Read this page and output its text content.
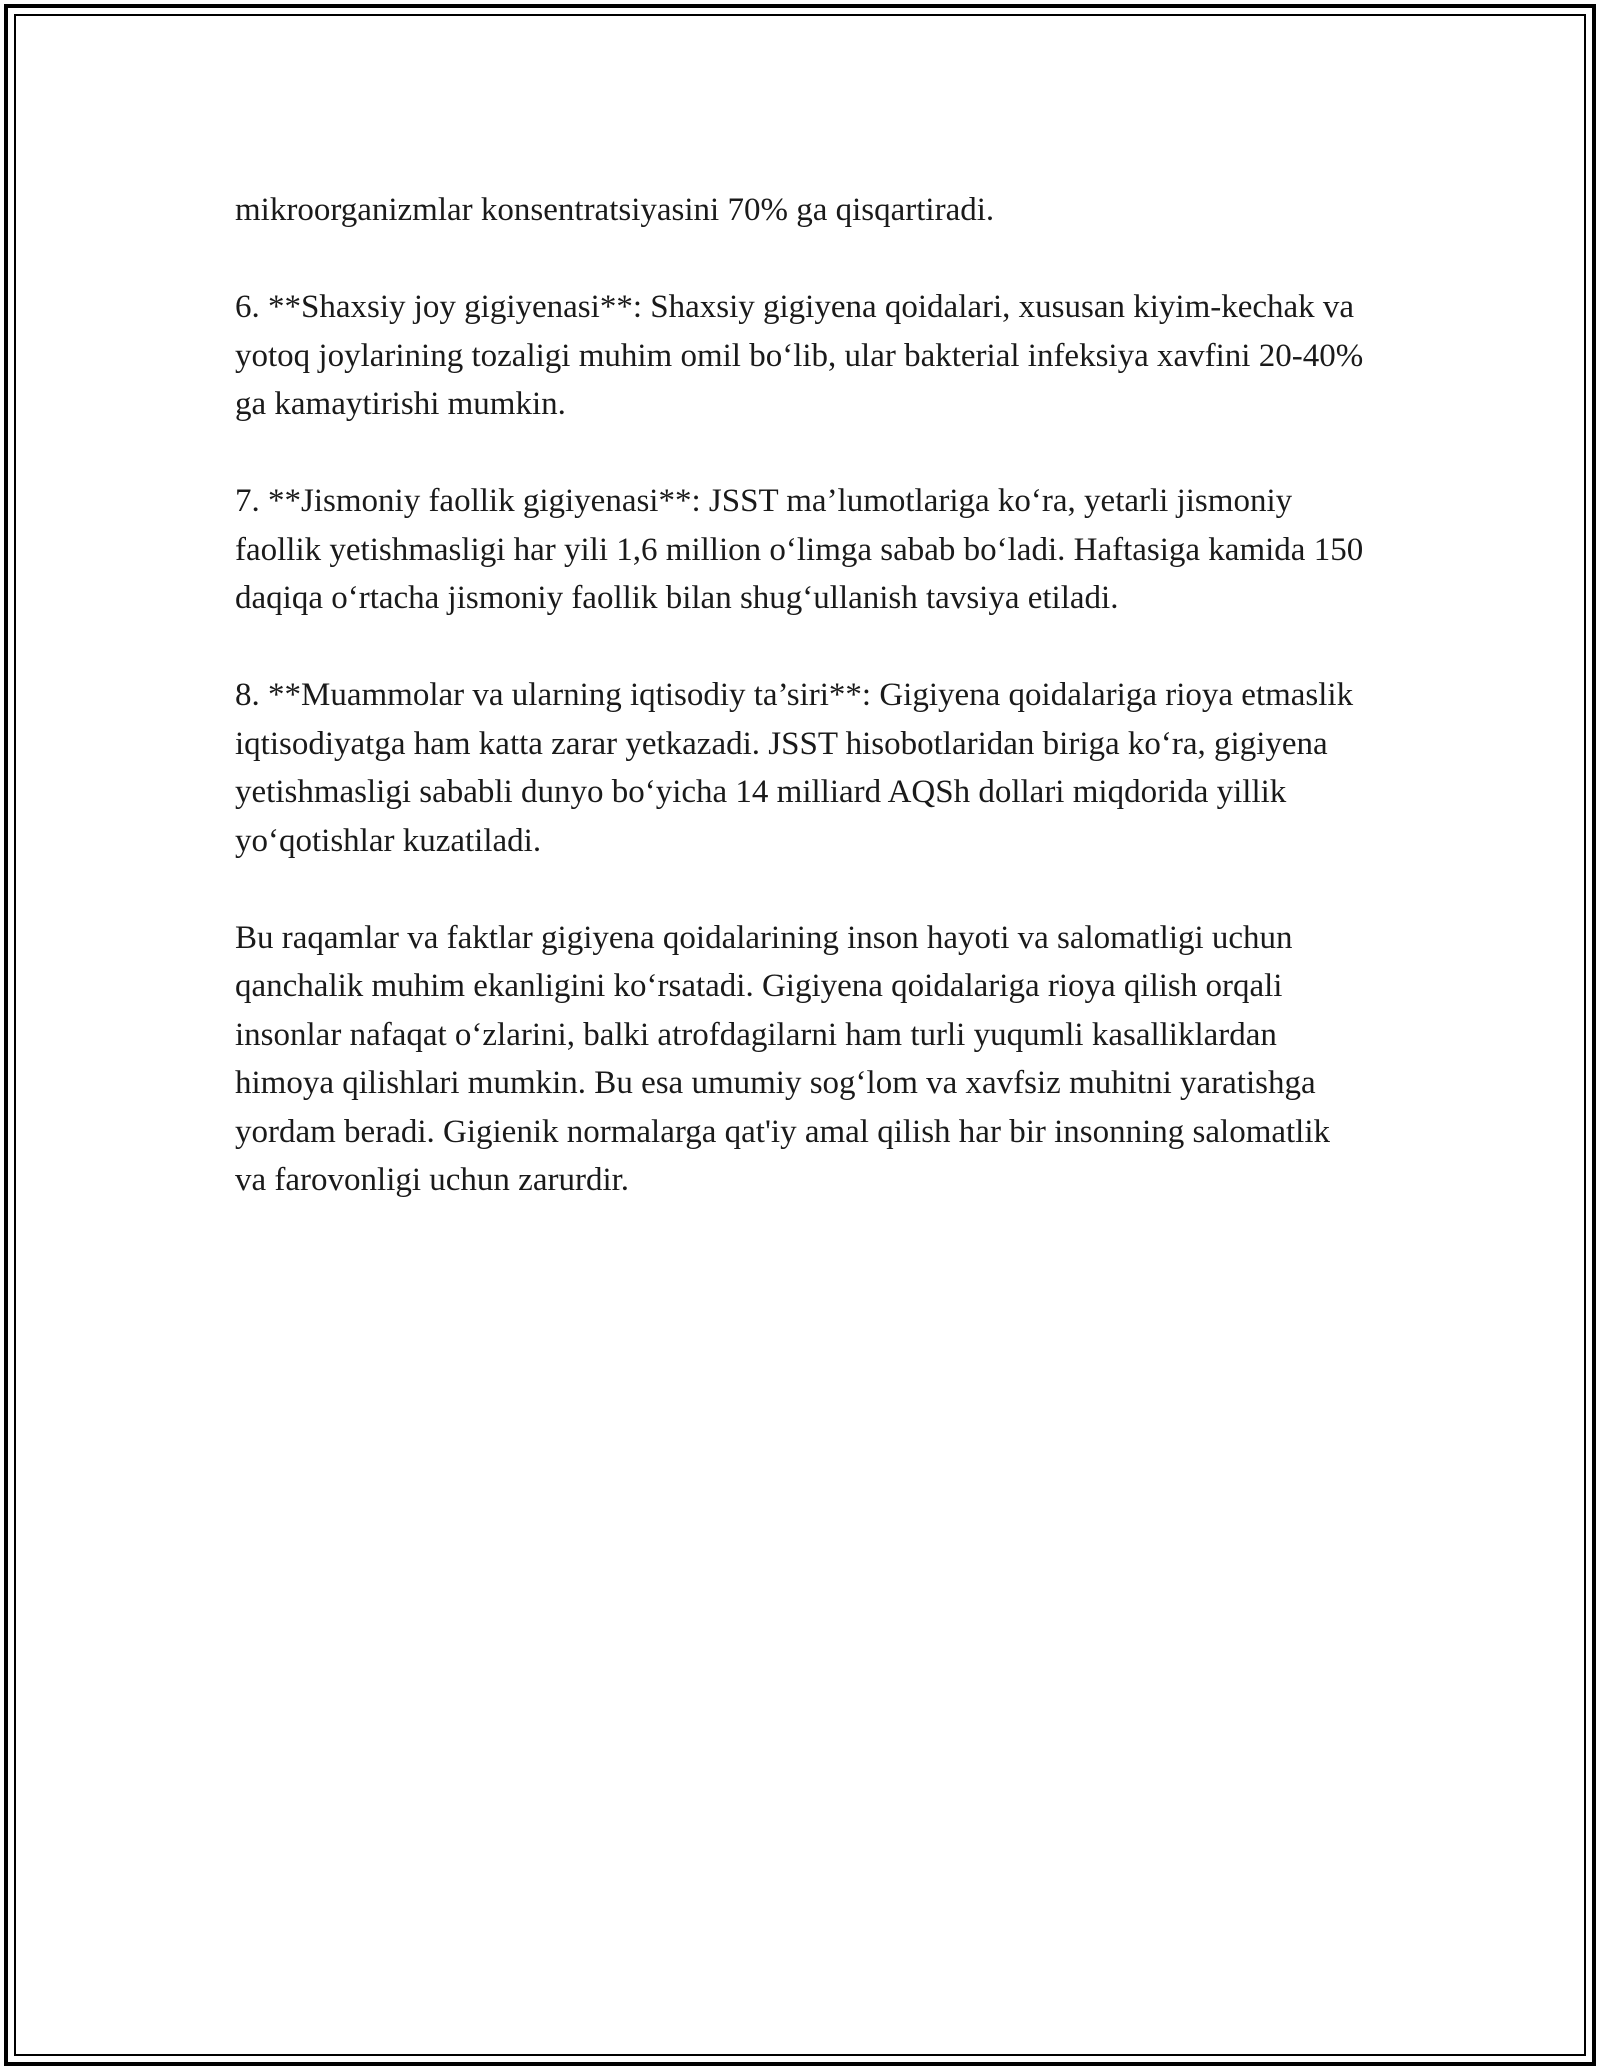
mikroorganizmlar konsentratsiyasini 70% ga qisqartiradi.

6. **Shaxsiy joy gigiyenasi**: Shaxsiy gigiyena qoidalari, xususan kiyim-kechak va yotoq joylarining tozaligi muhim omil bo‘lib, ular bakterial infeksiya xavfini 20-40% ga kamaytirishi mumkin.

7. **Jismoniy faollik gigiyenasi**: JSST ma’lumotlariga ko‘ra, yetarli jismoniy faollik yetishmasligi har yili 1,6 million o‘limga sabab bo‘ladi. Haftasiga kamida 150 daqiqa o‘rtacha jismoniy faollik bilan shug‘ullanish tavsiya etiladi.

8. **Muammolar va ularning iqtisodiy ta’siri**: Gigiyena qoidalariga rioya etmaslik iqtisodiyatga ham katta zarar yetkazadi. JSST hisobotlaridan biriga ko‘ra, gigiyena yetishmasligi sababli dunyo bo‘yicha 14 milliard AQSh dollari miqdorida yillik yo‘qotishlar kuzatiladi.

Bu raqamlar va faktlar gigiyena qoidalarining inson hayoti va salomatligi uchun qanchalik muhim ekanligini ko‘rsatadi. Gigiyena qoidalariga rioya qilish orqali insonlar nafaqat o‘zlarini, balki atrofdagilarni ham turli yuqumli kasalliklardan himoya qilishlari mumkin. Bu esa umumiy sog‘lom va xavfsiz muhitni yaratishga yordam beradi. Gigienik normalarga qat'iy amal qilish har bir insonning salomatlik va farovonligi uchun zarurdir.
